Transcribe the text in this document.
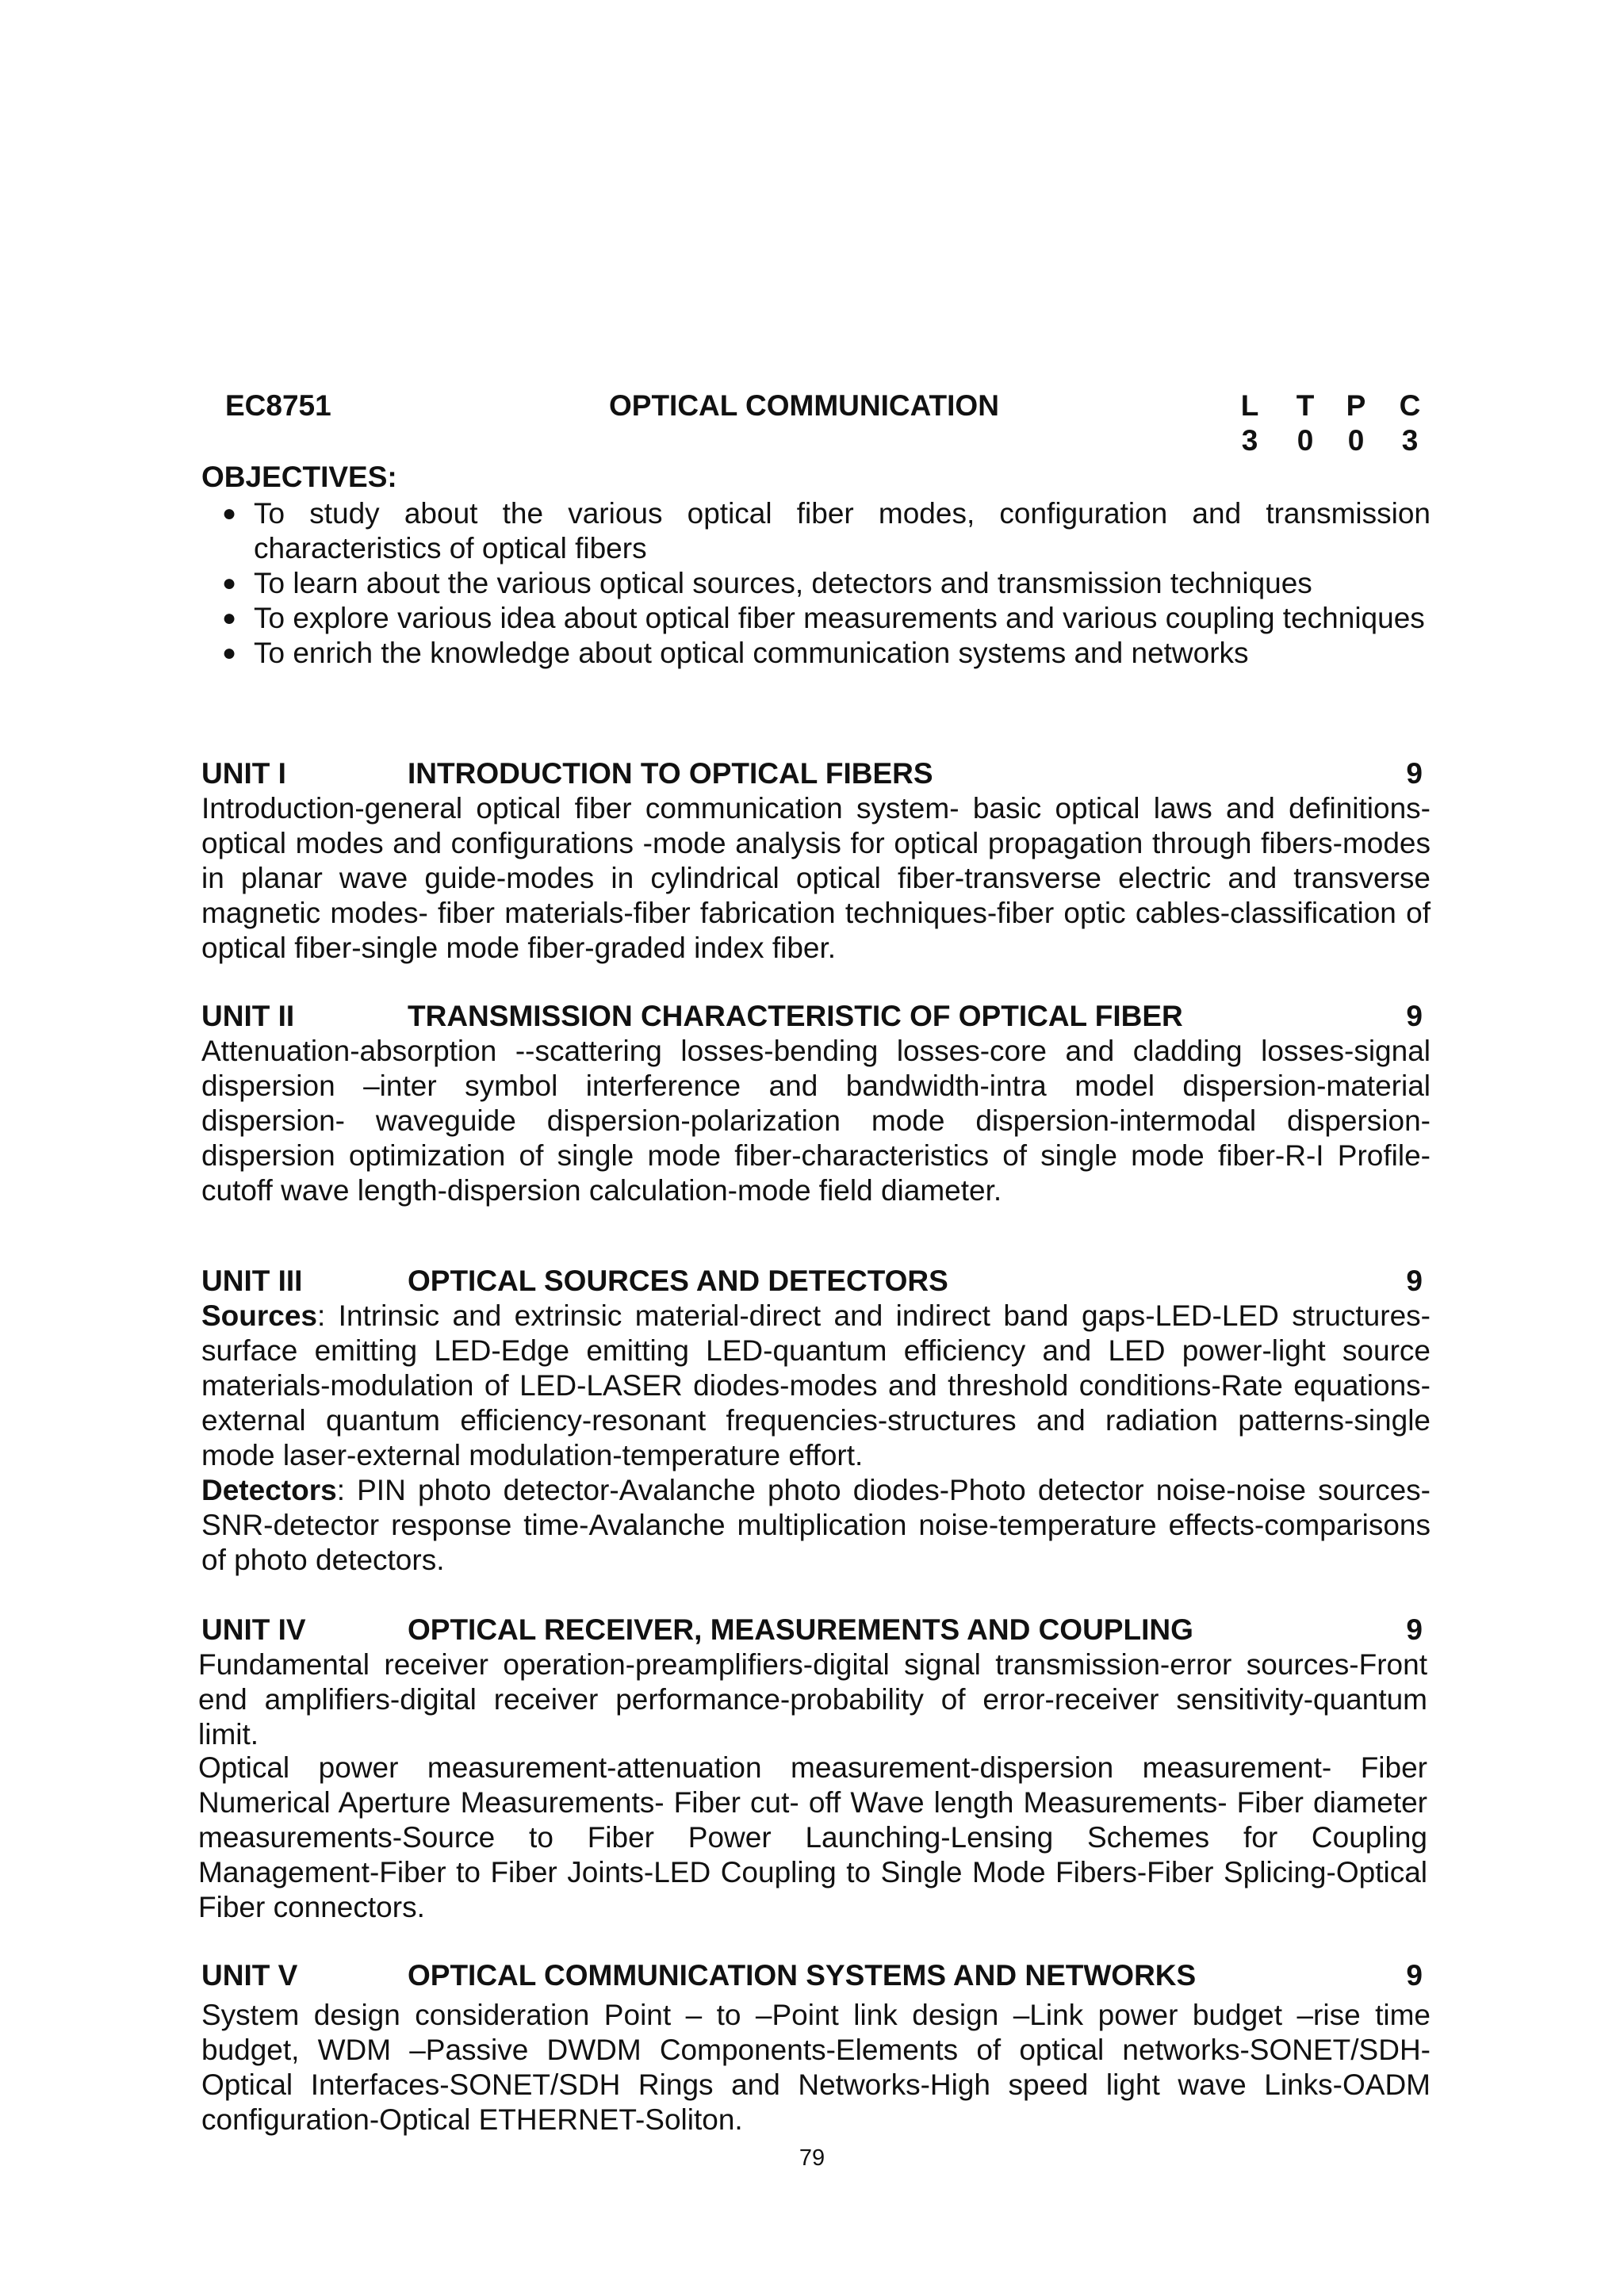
EC8751	OPTICAL COMMUNICATION	L T P C
3 0 0 3
OBJECTIVES:
● To study about the various optical fiber modes, configuration and transmission characteristics of optical fibers
● To learn about the various optical sources, detectors and transmission techniques
● To explore various idea about optical fiber measurements and various coupling techniques
● To enrich the knowledge about optical communication systems and networks
UNIT I	INTRODUCTION TO OPTICAL FIBERS	9

Introduction-general optical fiber communication system- basic optical laws and definitions-optical modes and configurations -mode analysis for optical propagation through fibers-modes in planar wave guide-modes in cylindrical optical fiber-transverse electric and transverse magnetic modes- fiber materials-fiber fabrication techniques-fiber optic cables-classification of optical fiber-single mode fiber-graded index fiber.

UNIT II	TRANSMISSION CHARACTERISTIC OF OPTICAL FIBER	9

Attenuation-absorption --scattering losses-bending losses-core and cladding losses-signal dispersion –inter symbol interference and bandwidth-intra model dispersion-material dispersion- waveguide dispersion-polarization mode dispersion-intermodal dispersion-dispersion optimization of single mode fiber-characteristics of single mode fiber-R-I Profile-cutoff wave length-dispersion calculation-mode field diameter.

UNIT III	OPTICAL SOURCES AND DETECTORS	9

Sources: Intrinsic and extrinsic material-direct and indirect band gaps-LED-LED structures-surface emitting LED-Edge emitting LED-quantum efficiency and LED power-light source materials-modulation of LED-LASER diodes-modes and threshold conditions-Rate equations-external quantum efficiency-resonant frequencies-structures and radiation patterns-single mode laser-external modulation-temperature effort.

Detectors: PIN photo detector-Avalanche photo diodes-Photo detector noise-noise sources-SNR-detector response time-Avalanche multiplication noise-temperature effects-comparisons of photo detectors.

UNIT IV	OPTICAL RECEIVER, MEASUREMENTS AND COUPLING	9

Fundamental receiver operation-preamplifiers-digital signal transmission-error sources-Front end amplifiers-digital receiver performance-probability of error-receiver sensitivity-quantum limit.

Optical power measurement-attenuation measurement-dispersion measurement- Fiber Numerical Aperture Measurements- Fiber cut- off Wave length Measurements- Fiber diameter measurements-Source to Fiber Power Launching-Lensing Schemes for Coupling Management-Fiber to Fiber Joints-LED Coupling to Single Mode Fibers-Fiber Splicing-Optical Fiber connectors.

UNIT V	OPTICAL COMMUNICATION SYSTEMS AND NETWORKS	9

System design consideration Point – to –Point link design –Link power budget –rise time budget, WDM –Passive DWDM Components-Elements of optical networks-SONET/SDH-Optical Interfaces-SONET/SDH Rings and Networks-High speed light wave Links-OADM configuration-Optical ETHERNET-Soliton.

79
